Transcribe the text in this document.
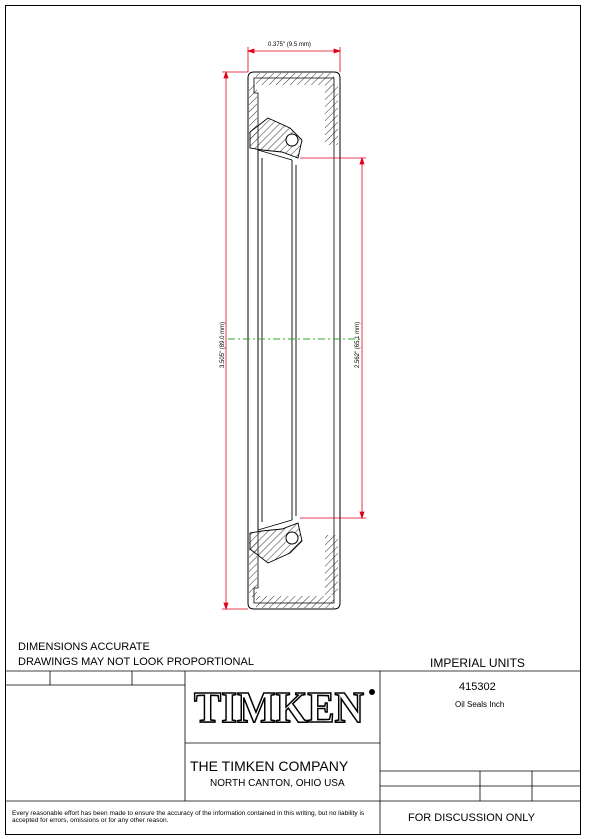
0.375" (9.5 mm)
3.505" (89.0 mm)	2.562" (65.1 mm)
DIMENSIONS ACCURATE
DRAWINGS MAY NOT LOOK PROPORTIONAL	IMPERIAL UNITS
415302
Oil Seals Inch
TIMKEN
THE TIMKEN COMPANY
NORTH CANTON, OHIO USA
Every reasonable effort has been made to ensure the accuracy of the information contained in this writing, but no liability is accepted for errors, omissions or for any other reason.	FOR DISCUSSION ONLY
